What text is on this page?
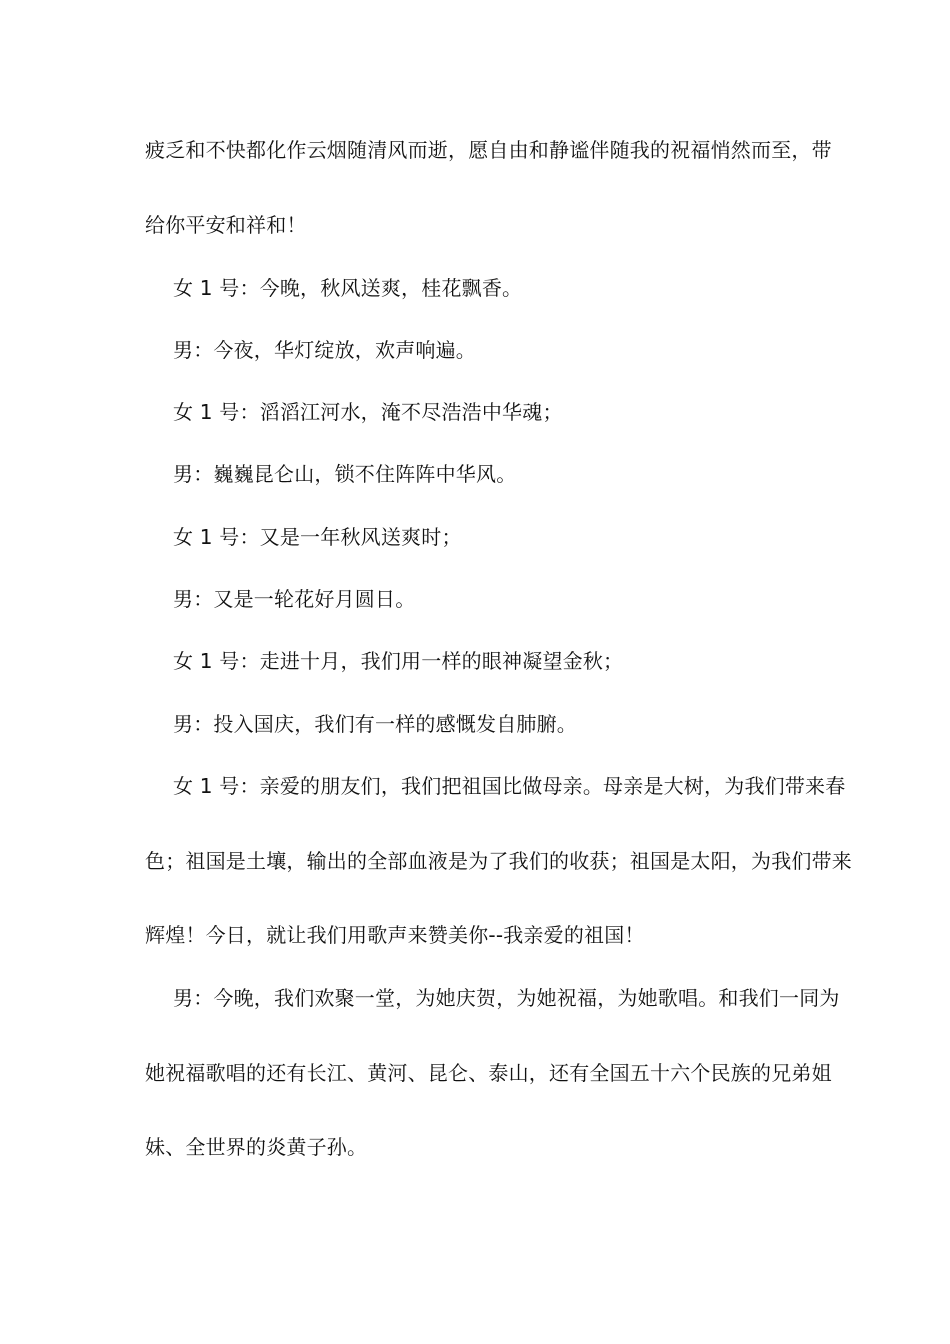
疲乏和不快都化作云烟随清风而逝，愿自由和静谧伴随我的祝福悄然而至，带
给你平安和祥和！
女 1 号：今晚，秋风送爽，桂花飘香。
男：今夜，华灯绽放，欢声响遍。
女 1 号：滔滔江河水，淹不尽浩浩中华魂；
男：巍巍昆仑山，锁不住阵阵中华风。
女 1 号：又是一年秋风送爽时；
男：又是一轮花好月圆日。
女 1 号：走进十月，我们用一样的眼神凝望金秋；
男：投入国庆，我们有一样的感慨发自肺腑。
女 1 号：亲爱的朋友们，我们把祖国比做母亲。母亲是大树，为我们带来春
色；祖国是土壤，输出的全部血液是为了我们的收获；祖国是太阳，为我们带来
辉煌！今日，就让我们用歌声来赞美你--我亲爱的祖国！
男：今晚，我们欢聚一堂，为她庆贺，为她祝福，为她歌唱。和我们一同为
她祝福歌唱的还有长江、黄河、昆仑、泰山，还有全国五十六个民族的兄弟姐
妹、全世界的炎黄子孙。
